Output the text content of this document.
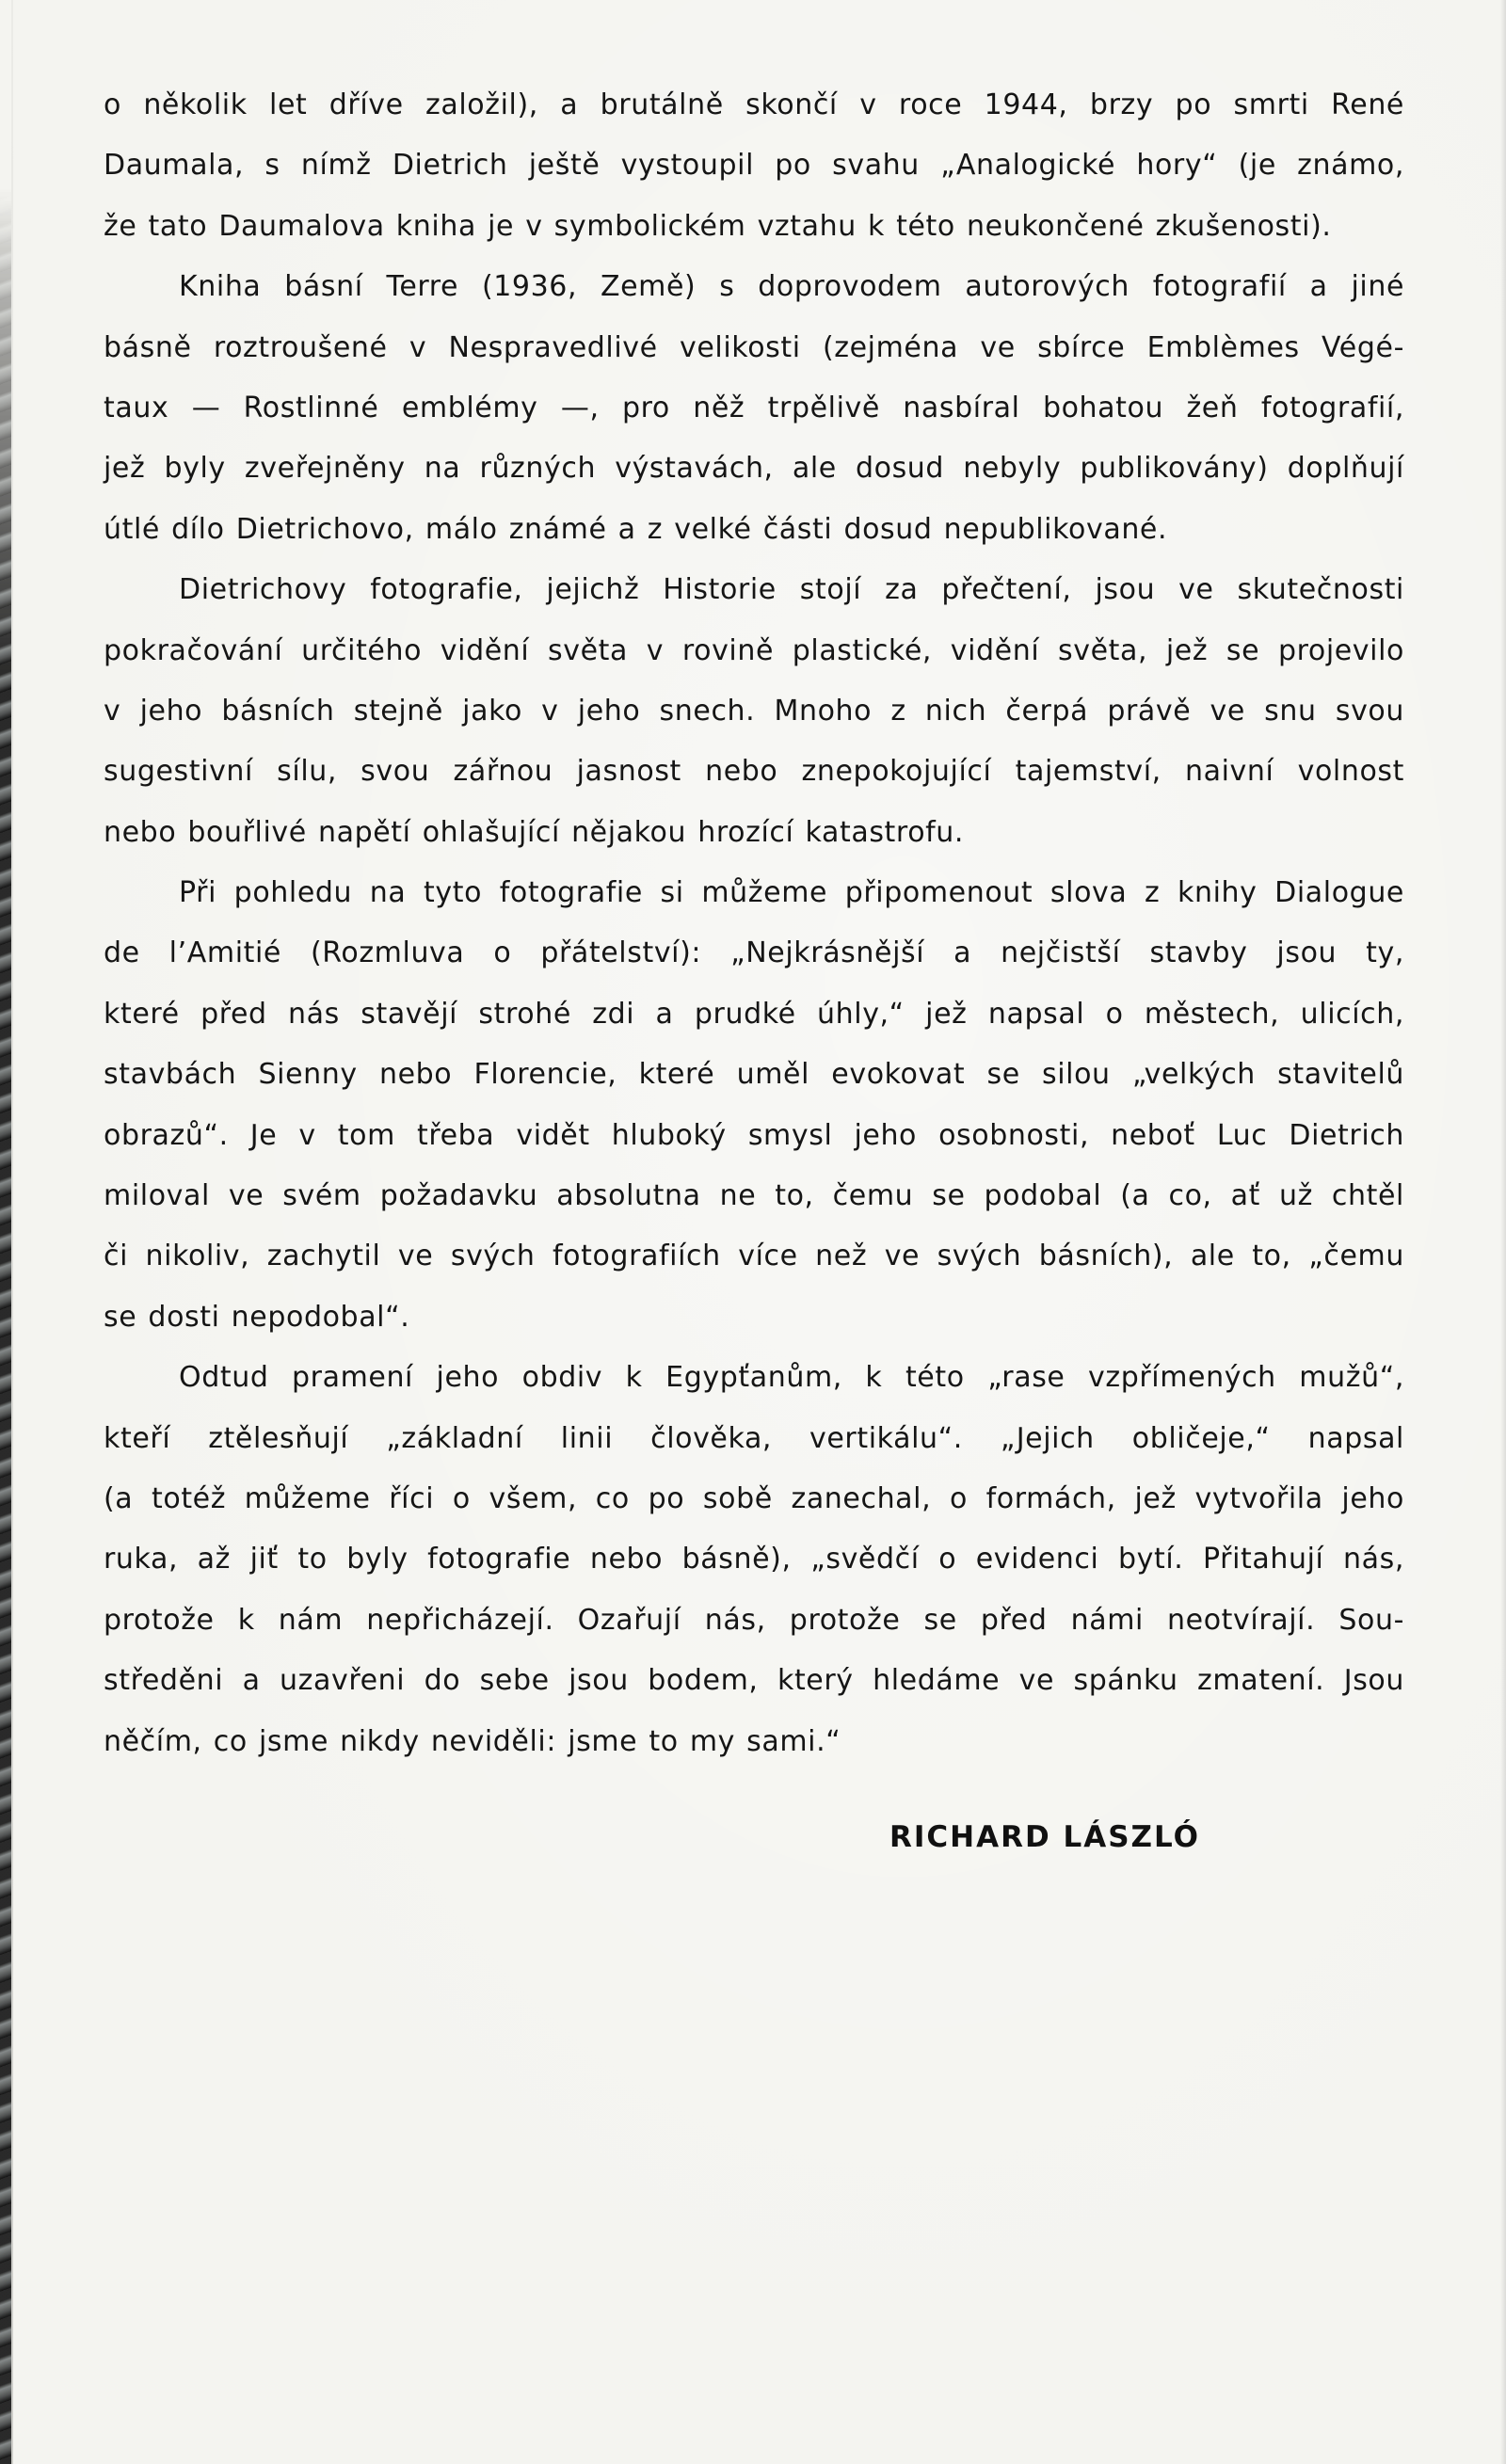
o několik let dříve založil), a brutálně skončí v roce 1944, brzy po smrti René
Daumala, s nímž Dietrich ještě vystoupil po svahu „Analogické hory“ (je známo,
že tato Daumalova kniha je v symbolickém vztahu k této neukončené zkušenosti).
Kniha básní Terre (1936, Země) s doprovodem autorových fotografií a jiné
básně roztroušené v Nespravedlivé velikosti (zejména ve sbírce Emblèmes Végé-
taux — Rostlinné emblémy —, pro něž trpělivě nasbíral bohatou žeň fotografií,
jež byly zveřejněny na různých výstavách, ale dosud nebyly publikovány) doplňují
útlé dílo Dietrichovo, málo známé a z velké části dosud nepublikované.
Dietrichovy fotografie, jejichž Historie stojí za přečtení, jsou ve skutečnosti
pokračování určitého vidění světa v rovině plastické, vidění světa, jež se projevilo
v jeho básních stejně jako v jeho snech. Mnoho z nich čerpá právě ve snu svou
sugestivní sílu, svou zářnou jasnost nebo znepokojující tajemství, naivní volnost
nebo bouřlivé napětí ohlašující nějakou hrozící katastrofu.
Při pohledu na tyto fotografie si můžeme připomenout slova z knihy Dialogue
de l’Amitié (Rozmluva o přátelství): „Nejkrásnější a nejčistší stavby jsou ty,
které před nás stavějí strohé zdi a prudké úhly,“ jež napsal o městech, ulicích,
stavbách Sienny nebo Florencie, které uměl evokovat se silou „velkých stavitelů
obrazů“. Je v tom třeba vidět hluboký smysl jeho osobnosti, neboť Luc Dietrich
miloval ve svém požadavku absolutna ne to, čemu se podobal (a co, ať už chtěl
či nikoliv, zachytil ve svých fotografiích více než ve svých básních), ale to, „čemu
se dosti nepodobal“.
Odtud pramení jeho obdiv k Egypťanům, k této „rase vzpřímených mužů“,
kteří ztělesňují „základní linii člověka, vertikálu“. „Jejich obličeje,“ napsal
(a totéž můžeme říci o všem, co po sobě zanechal, o formách, jež vytvořila jeho
ruka, až jiť to byly fotografie nebo básně), „svědčí o evidenci bytí. Přitahují nás,
protože k nám nepřicházejí. Ozařují nás, protože se před námi neotvírají. Sou-
středěni a uzavřeni do sebe jsou bodem, který hledáme ve spánku zmatení. Jsou
něčím, co jsme nikdy neviděli: jsme to my sami.“
RICHARD LÁSZLÓ
